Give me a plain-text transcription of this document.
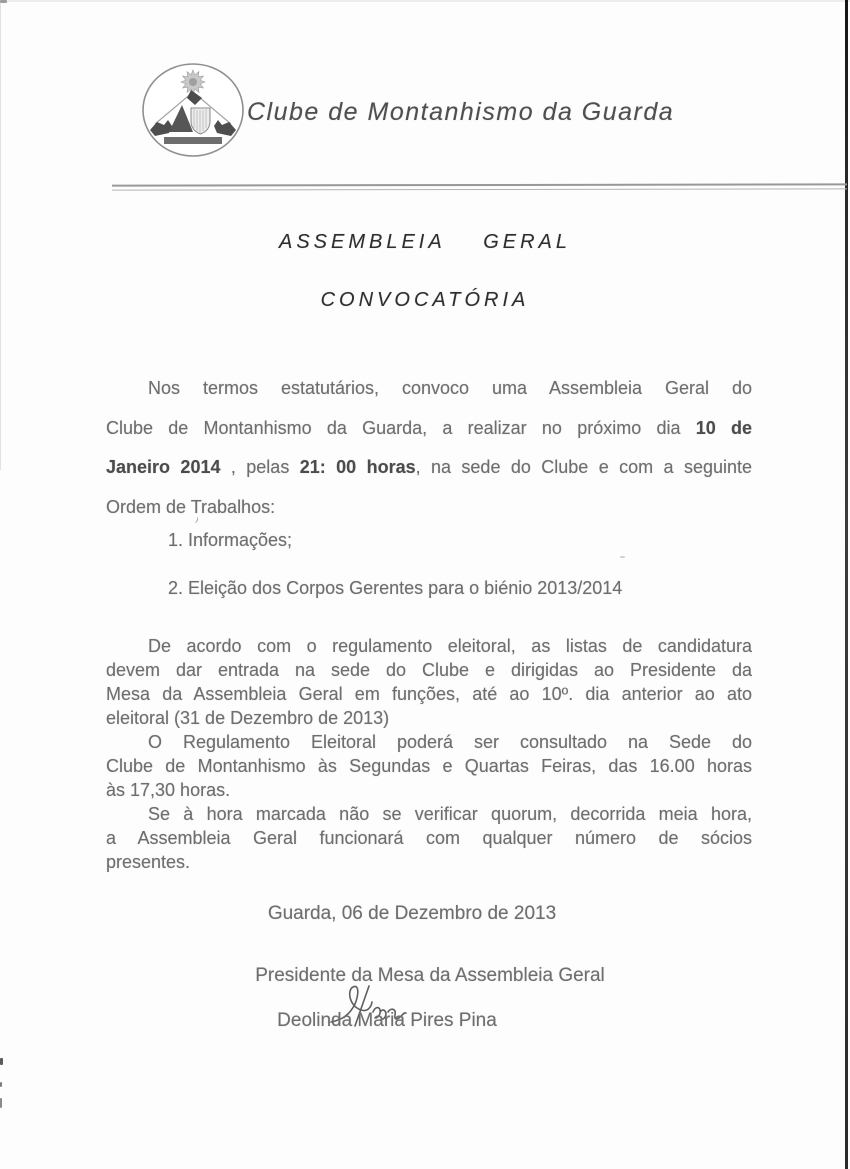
Clube de Montanhismo da Guarda
ASSEMBLEIA    GERAL
CONVOCATÓRIA
Nos termos estatutários, convoco uma Assembleia Geral do
Clube de Montanhismo da Guarda, a realizar no próximo dia 10 de
Janeiro 2014 , pelas 21: 00 horas, na sede do Clube e com a seguinte
Ordem de Trabalhos:
1. Informações;
2. Eleição dos Corpos Gerentes para o biénio 2013/2014
De acordo com o regulamento eleitoral, as listas de candidatura
devem dar entrada na sede do Clube e dirigidas ao Presidente da
Mesa da Assembleia Geral em funções, até ao 10º. dia anterior ao ato
eleitoral (31 de Dezembro de 2013)
O Regulamento Eleitoral poderá ser consultado na Sede do
Clube de Montanhismo às Segundas e Quartas Feiras, das 16.00 horas
às 17,30 horas.
Se à hora marcada não se verificar quorum, decorrida meia hora,
a Assembleia Geral funcionará com qualquer número de sócios
presentes.
Guarda, 06 de Dezembro de 2013
Presidente da Mesa da Assembleia Geral
Deolinda Maria Pires Pina
